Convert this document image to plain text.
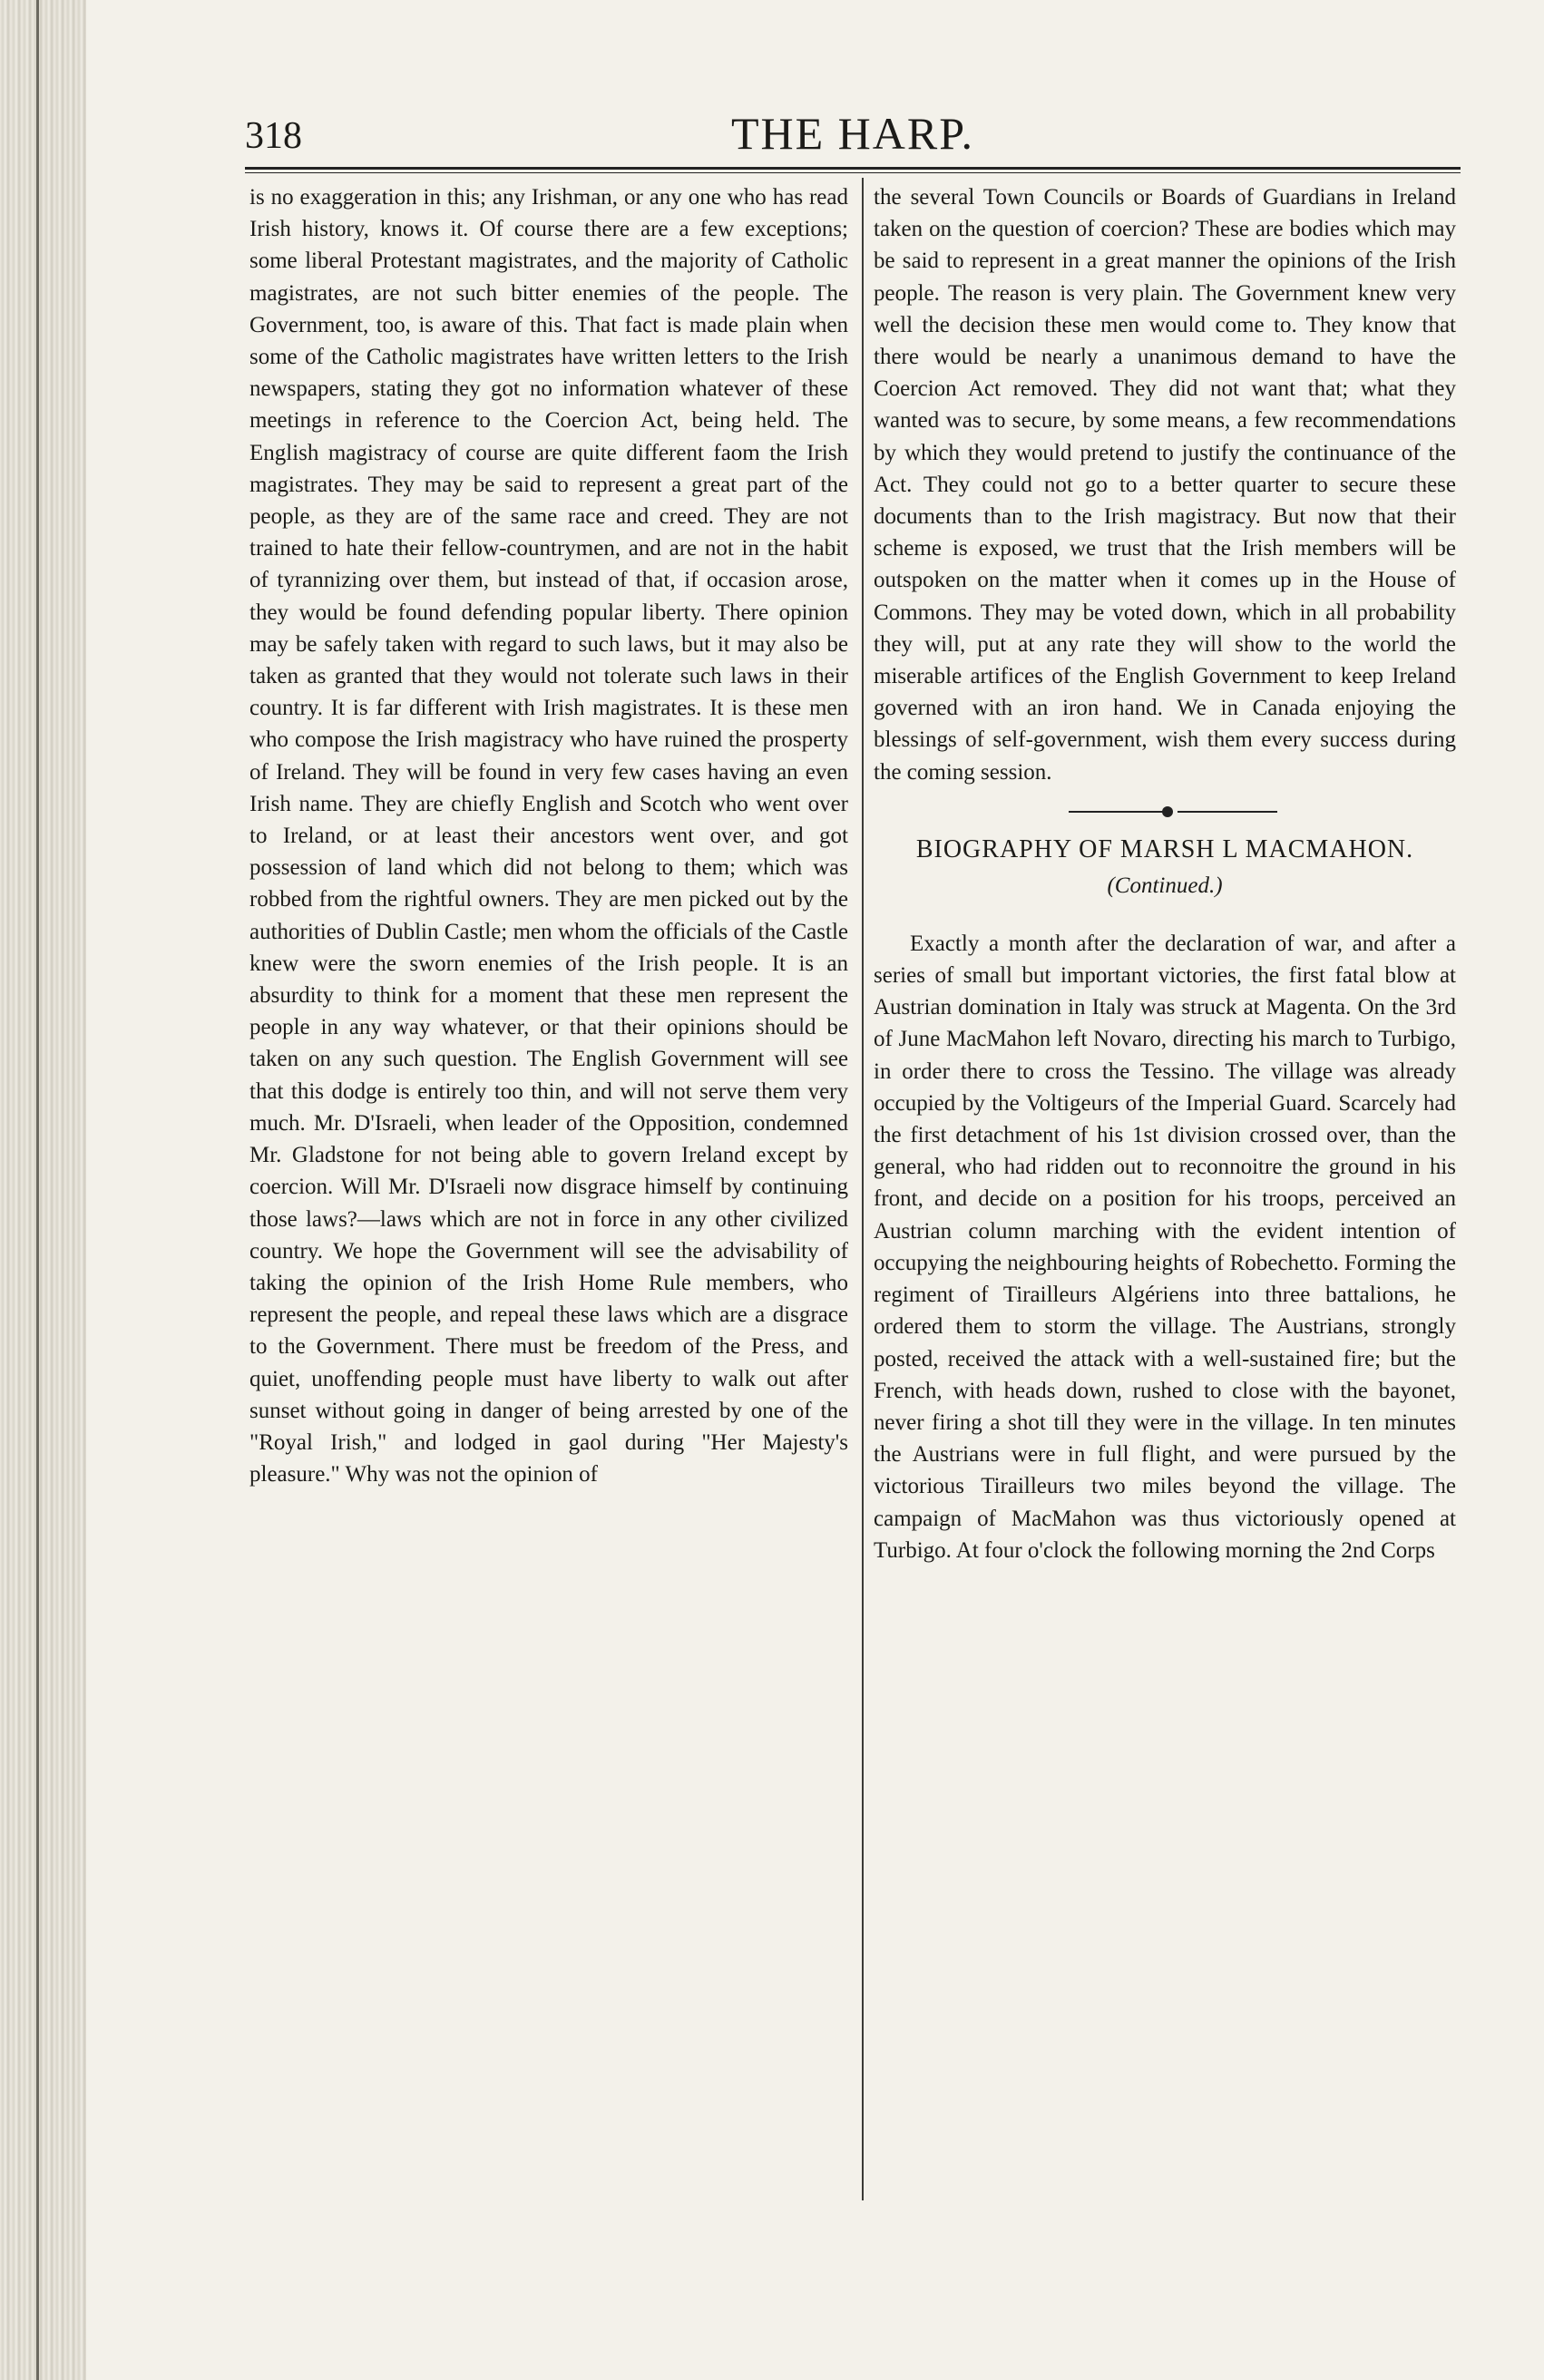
318	THE HARP.

is no exaggeration in this; any Irishman, or any one who has read Irish history, knows it. Of course there are a few exceptions; some liberal Protestant magistrates, and the majority of Catholic magistrates, are not such bitter enemies of the people. The Government, too, is aware of this. That fact is made plain when some of the Catholic magistrates have written letters to the Irish newspapers, stating they got no information whatever of these meetings in reference to the Coercion Act, being held. The English magistracy of course are quite different faom the Irish magistrates. They may be said to represent a great part of the people, as they are of the same race and creed. They are not trained to hate their fellow-countrymen, and are not in the habit of tyrannizing over them, but instead of that, if occasion arose, they would be found defending popular liberty. There opinion may be safely taken with regard to such laws, but it may also be taken as granted that they would not tolerate such laws in their country. It is far different with Irish magistrates. It is these men who compose the Irish magistracy who have ruined the prosperty of Ireland. They will be found in very few cases having an even Irish name. They are chiefly English and Scotch who went over to Ireland, or at least their ancestors went over, and got possession of land which did not belong to them; which was robbed from the rightful owners. They are men picked out by the authorities of Dublin Castle; men whom the officials of the Castle knew were the sworn enemies of the Irish people. It is an absurdity to think for a moment that these men represent the people in any way whatever, or that their opinions should be taken on any such question. The English Government will see that this dodge is entirely too thin, and will not serve them very much. Mr. D'Israeli, when leader of the Opposition, condemned Mr. Gladstone for not being able to govern Ireland except by coercion. Will Mr. D'Israeli now disgrace himself by continuing those laws?—laws which are not in force in any other civilized country. We hope the Government will see the advisability of taking the opinion of the Irish Home Rule members, who represent the people, and repeal these laws which are a disgrace to the Government. There must be freedom of the Press, and quiet, unoffending people must have liberty to walk out after sunset without going in danger of being arrested by one of the "Royal Irish," and lodged in gaol during "Her Majesty's pleasure." Why was not the opinion of

the several Town Councils or Boards of Guardians in Ireland taken on the question of coercion? These are bodies which may be said to represent in a great manner the opinions of the Irish people. The reason is very plain. The Government knew very well the decision these men would come to. They know that there would be nearly a unanimous demand to have the Coercion Act removed. They did not want that; what they wanted was to secure, by some means, a few recommendations by which they would pretend to justify the continuance of the Act. They could not go to a better quarter to secure these documents than to the Irish magistracy. But now that their scheme is exposed, we trust that the Irish members will be outspoken on the matter when it comes up in the House of Commons. They may be voted down, which in all probability they will, put at any rate they will show to the world the miserable artifices of the English Government to keep Ireland governed with an iron hand. We in Canada enjoying the blessings of self-government, wish them every success during the coming session.

BIOGRAPHY OF MARSH L MACMAHON.
(Continued.)

Exactly a month after the declaration of war, and after a series of small but important victories, the first fatal blow at Austrian domination in Italy was struck at Magenta. On the 3rd of June MacMahon left Novaro, directing his march to Turbigo, in order there to cross the Tessino. The village was already occupied by the Voltigeurs of the Imperial Guard. Scarcely had the first detachment of his 1st division crossed over, than the general, who had ridden out to reconnoitre the ground in his front, and decide on a position for his troops, perceived an Austrian column marching with the evident intention of occupying the neighbouring heights of Robechetto. Forming the regiment of Tirailleurs Algériens into three battalions, he ordered them to storm the village. The Austrians, strongly posted, received the attack with a well-sustained fire; but the French, with heads down, rushed to close with the bayonet, never firing a shot till they were in the village. In ten minutes the Austrians were in full flight, and were pursued by the victorious Tirailleurs two miles beyond the village. The campaign of MacMahon was thus victoriously opened at Turbigo. At four o'clock the following morning the 2nd Corps
